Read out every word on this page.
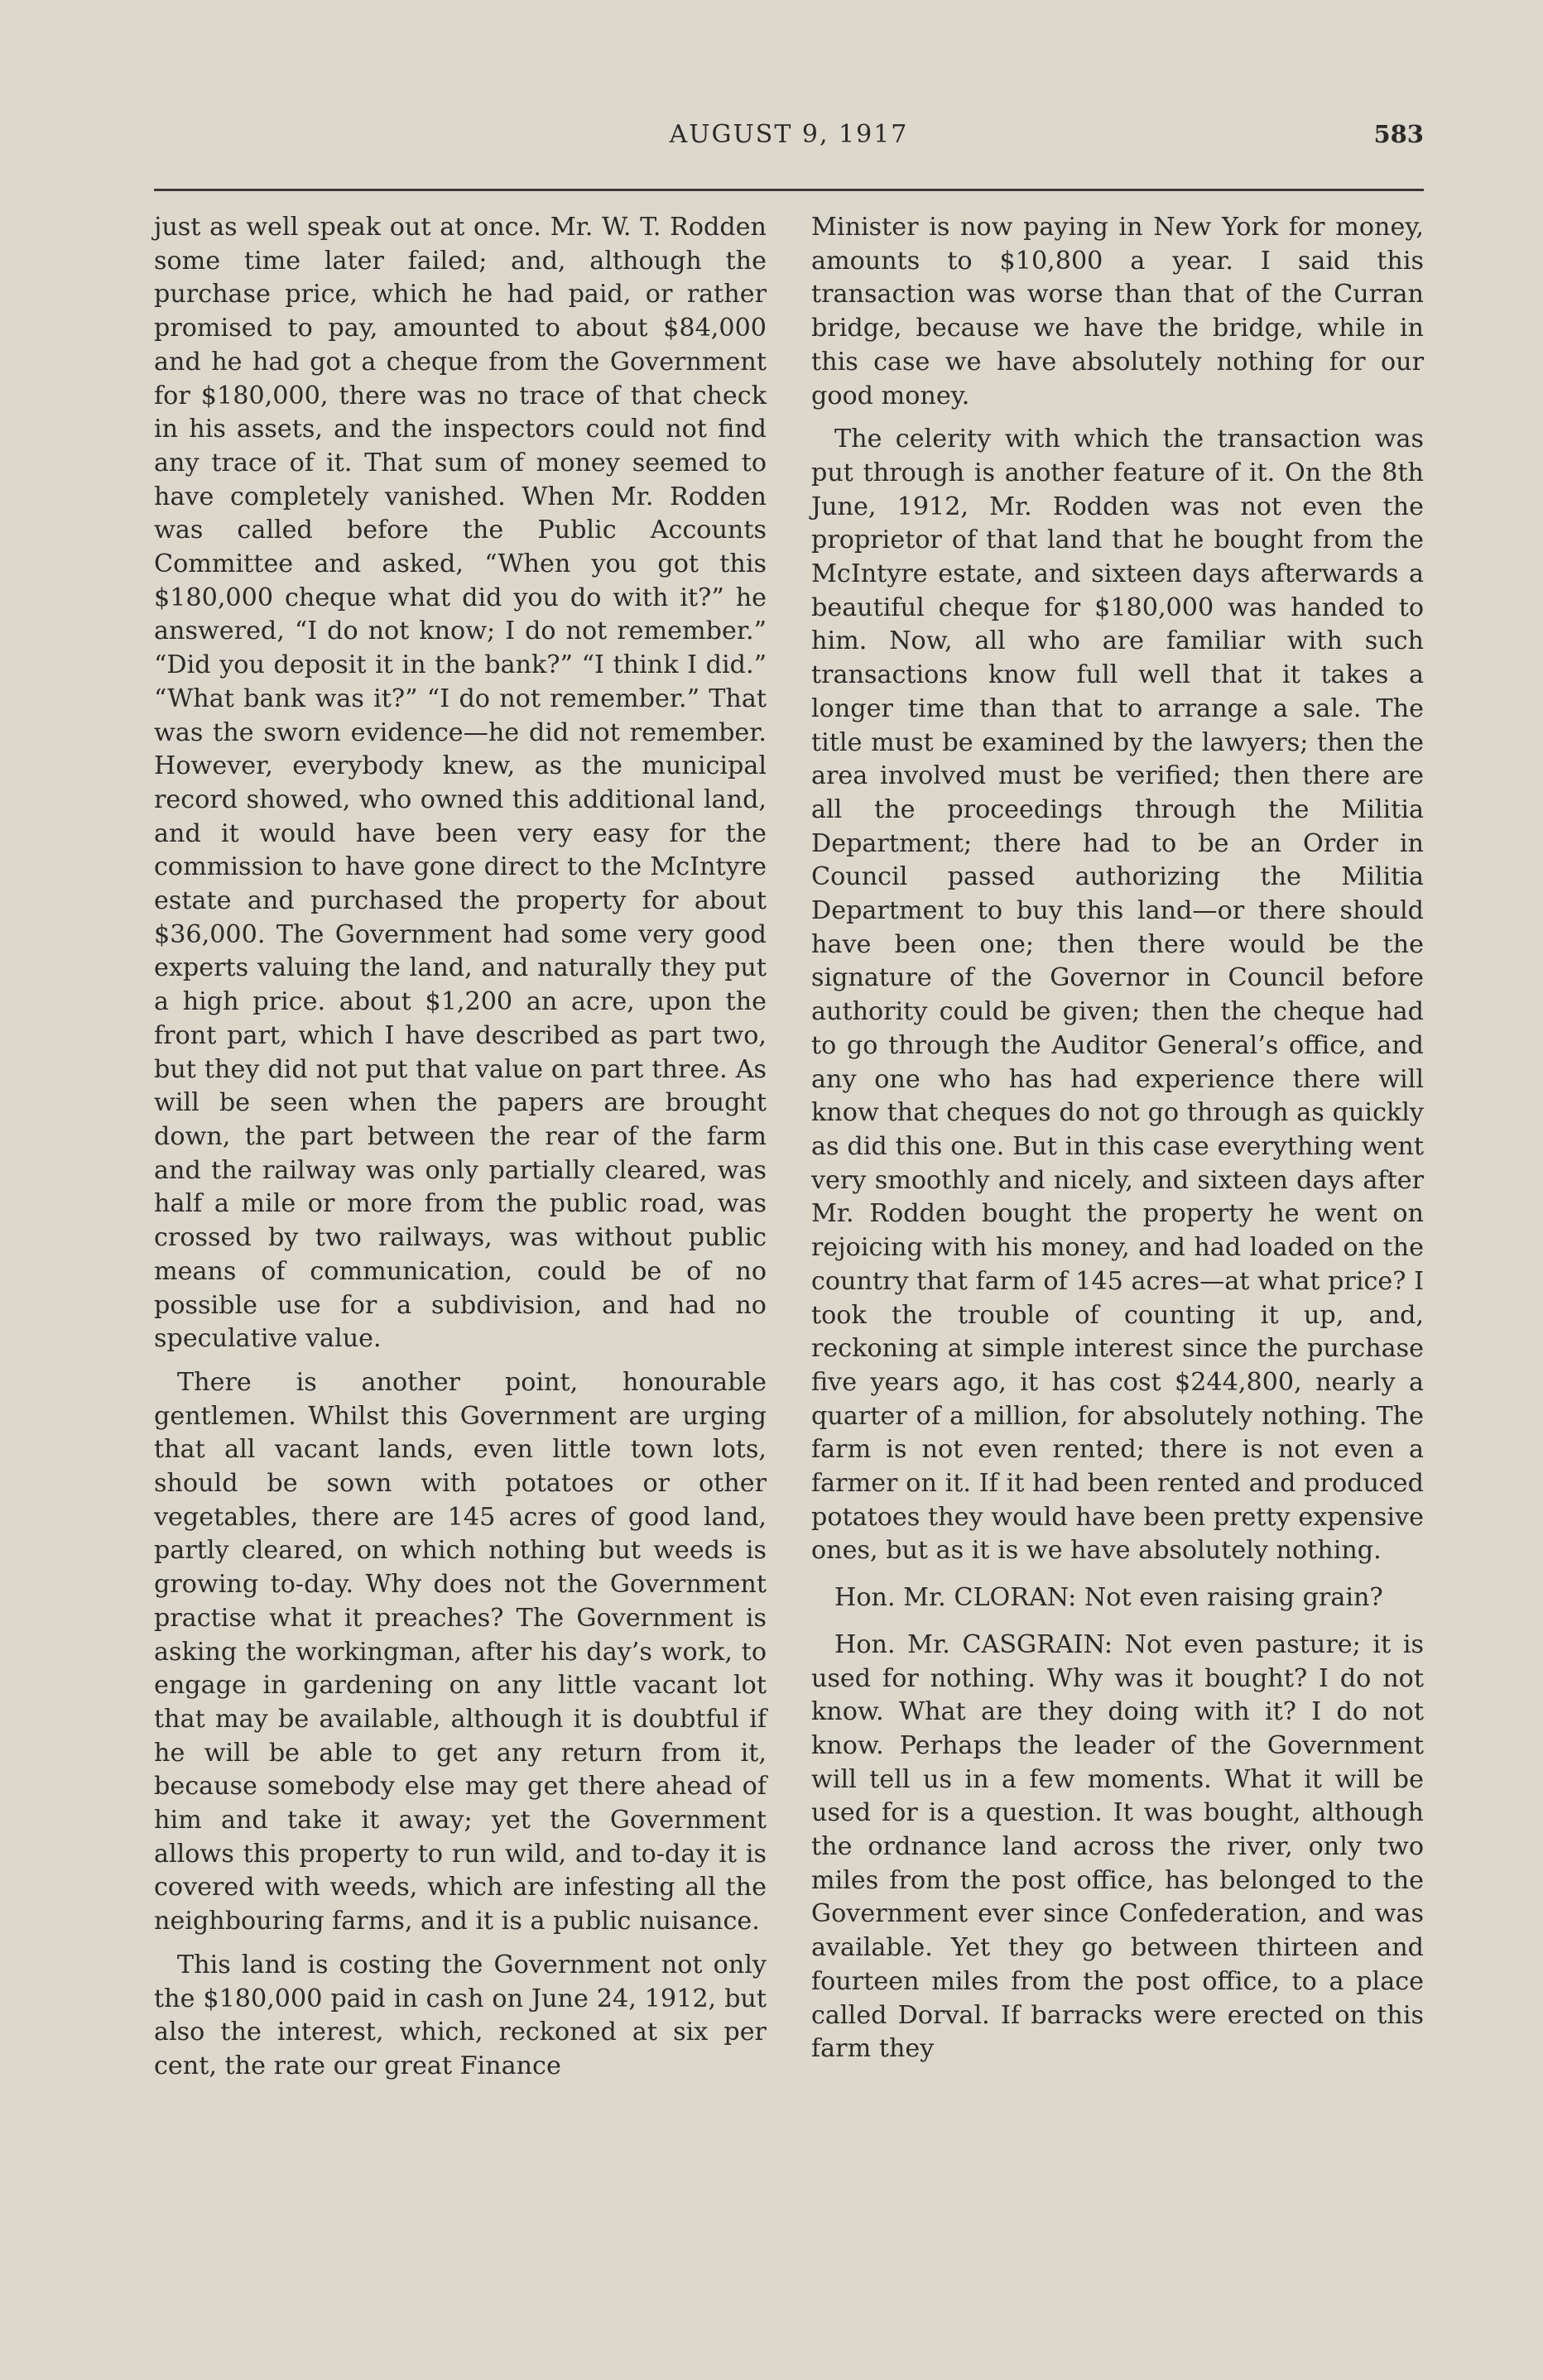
AUGUST 9, 1917	583

just as well speak out at once. Mr. W. T. Rodden some time later failed; and, although the purchase price, which he had paid, or rather promised to pay, amounted to about $84,000 and he had got a cheque from the Government for $180,000, there was no trace of that check in his assets, and the inspectors could not find any trace of it. That sum of money seemed to have completely vanished. When Mr. Rodden was called before the Public Accounts Committee and asked, “When you got this $180,000 cheque what did you do with it?” he answered, “I do not know; I do not remember.” “Did you deposit it in the bank?” “I think I did.” “What bank was it?” “I do not remember.” That was the sworn evidence—he did not remember. However, everybody knew, as the municipal record showed, who owned this additional land, and it would have been very easy for the commission to have gone direct to the McIntyre estate and purchased the property for about $36,000. The Government had some very good experts valuing the land, and naturally they put a high price. about $1,200 an acre, upon the front part, which I have described as part two, but they did not put that value on part three. As will be seen when the papers are brought down, the part between the rear of the farm and the railway was only partially cleared, was half a mile or more from the public road, was crossed by two railways, was without public means of communication, could be of no possible use for a subdivision, and had no speculative value.

There is another point, honourable gentlemen. Whilst this Government are urging that all vacant lands, even little town lots, should be sown with potatoes or other vegetables, there are 145 acres of good land, partly cleared, on which nothing but weeds is growing to-day. Why does not the Government practise what it preaches? The Government is asking the workingman, after his day’s work, to engage in gardening on any little vacant lot that may be available, although it is doubtful if he will be able to get any return from it, because somebody else may get there ahead of him and take it away; yet the Government allows this property to run wild, and to-day it is covered with weeds, which are infesting all the neighbouring farms, and it is a public nuisance.

This land is costing the Government not only the $180,000 paid in cash on June 24, 1912, but also the interest, which, reckoned at six per cent, the rate our great Finance

Minister is now paying in New York for money, amounts to $10,800 a year. I said this transaction was worse than that of the Curran bridge, because we have the bridge, while in this case we have absolutely nothing for our good money.

The celerity with which the transaction was put through is another feature of it. On the 8th June, 1912, Mr. Rodden was not even the proprietor of that land that he bought from the McIntyre estate, and sixteen days afterwards a beautiful cheque for $180,000 was handed to him. Now, all who are familiar with such transactions know full well that it takes a longer time than that to arrange a sale. The title must be examined by the lawyers; then the area involved must be verified; then there are all the proceedings through the Militia Department; there had to be an Order in Council passed authorizing the Militia Department to buy this land—or there should have been one; then there would be the signature of the Governor in Council before authority could be given; then the cheque had to go through the Auditor General’s office, and any one who has had experience there will know that cheques do not go through as quickly as did this one. But in this case everything went very smoothly and nicely, and sixteen days after Mr. Rodden bought the property he went on rejoicing with his money, and had loaded on the country that farm of 145 acres—at what price? I took the trouble of counting it up, and, reckoning at simple interest since the purchase five years ago, it has cost $244,800, nearly a quarter of a million, for absolutely nothing. The farm is not even rented; there is not even a farmer on it. If it had been rented and produced potatoes they would have been pretty expensive ones, but as it is we have absolutely nothing.

Hon. Mr. CLORAN: Not even raising grain?

Hon. Mr. CASGRAIN: Not even pasture; it is used for nothing. Why was it bought? I do not know. What are they doing with it? I do not know. Perhaps the leader of the Government will tell us in a few moments. What it will be used for is a question. It was bought, although the ordnance land across the river, only two miles from the post office, has belonged to the Government ever since Confederation, and was available. Yet they go between thirteen and fourteen miles from the post office, to a place called Dorval. If barracks were erected on this farm they
